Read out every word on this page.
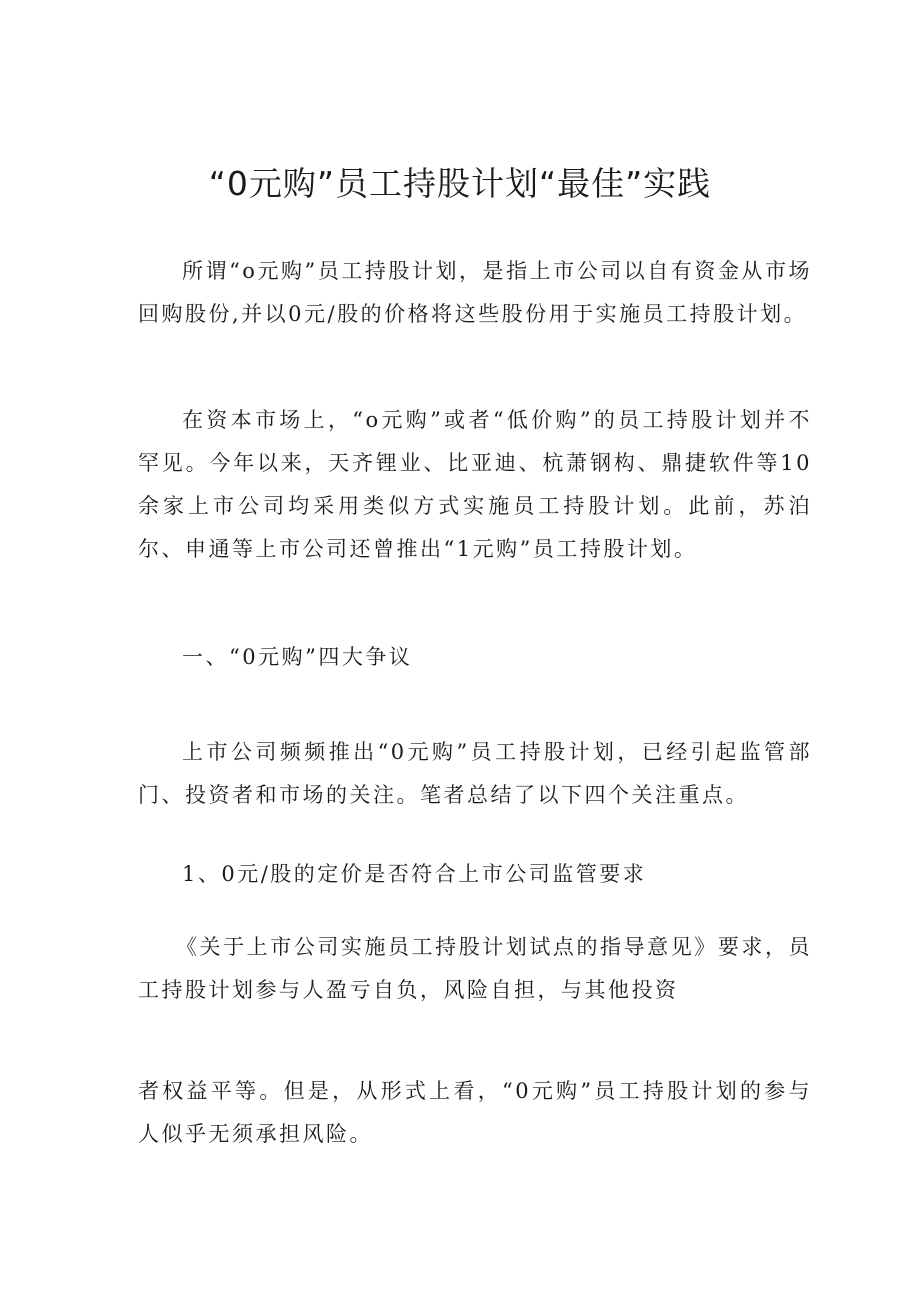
“0元购”员工持股计划“最佳”实践

所谓“o元购”员工持股计划，是指上市公司以自有资金从市场回购股份,并以0元/股的价格将这些股份用于实施员工持股计划。

在资本市场上，“o元购”或者“低价购”的员工持股计划并不罕见。今年以来，天齐锂业、比亚迪、杭萧钢构、鼎捷软件等10余家上市公司均采用类似方式实施员工持股计划。此前，苏泊尔、申通等上市公司还曾推出“1元购”员工持股计划。

一、“0元购”四大争议

上市公司频频推出“0元购”员工持股计划，已经引起监管部门、投资者和市场的关注。笔者总结了以下四个关注重点。

1、0元/股的定价是否符合上市公司监管要求

《关于上市公司实施员工持股计划试点的指导意见》要求，员工持股计划参与人盈亏自负，风险自担，与其他投资

者权益平等。但是，从形式上看，“0元购”员工持股计划的参与人似乎无须承担风险。
